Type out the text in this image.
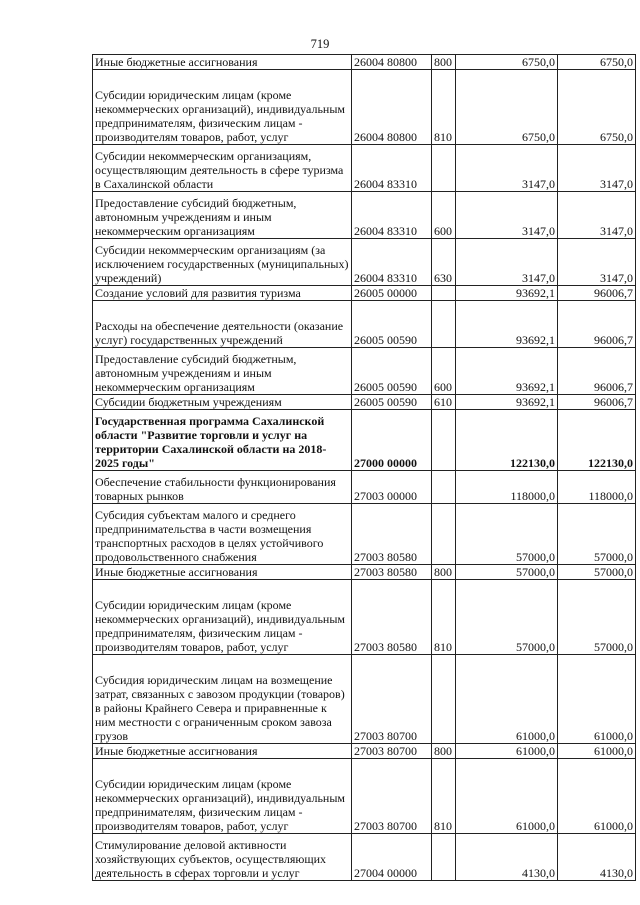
719
Иные бюджетные ассигнования	26004 80800	800	6750,0	6750,0
Субсидии юридическим лицам (кроме некоммерческих организаций), индивидуальным предпринимателям, физическим лицам - производителям товаров, работ, услуг	26004 80800	810	6750,0	6750,0
Субсидии некоммерческим организациям, осуществляющим деятельность в сфере туризма в Сахалинской области	26004 83310		3147,0	3147,0
Предоставление субсидий бюджетным, автономным учреждениям и иным некоммерческим организациям	26004 83310	600	3147,0	3147,0
Субсидии некоммерческим организациям (за исключением государственных (муниципальных) учреждений)	26004 83310	630	3147,0	3147,0
Создание условий для развития туризма	26005 00000		93692,1	96006,7
Расходы на обеспечение деятельности (оказание услуг) государственных учреждений	26005 00590		93692,1	96006,7
Предоставление субсидий бюджетным, автономным учреждениям и иным некоммерческим организациям	26005 00590	600	93692,1	96006,7
Субсидии бюджетным учреждениям	26005 00590	610	93692,1	96006,7
Государственная программа Сахалинской области "Развитие торговли и услуг на территории Сахалинской области на 2018-2025 годы"	27000 00000		122130,0	122130,0
Обеспечение стабильности функционирования товарных рынков	27003 00000		118000,0	118000,0
Субсидия субъектам малого и среднего предпринимательства в части возмещения транспортных расходов в целях устойчивого продовольственного снабжения	27003 80580		57000,0	57000,0
Иные бюджетные ассигнования	27003 80580	800	57000,0	57000,0
Субсидии юридическим лицам (кроме некоммерческих организаций), индивидуальным предпринимателям, физическим лицам - производителям товаров, работ, услуг	27003 80580	810	57000,0	57000,0
Субсидия юридическим лицам на возмещение затрат, связанных с завозом продукции (товаров) в районы Крайнего Севера и приравненные к ним местности с ограниченным сроком завоза грузов	27003 80700		61000,0	61000,0
Иные бюджетные ассигнования	27003 80700	800	61000,0	61000,0
Субсидии юридическим лицам (кроме некоммерческих организаций), индивидуальным предпринимателям, физическим лицам - производителям товаров, работ, услуг	27003 80700	810	61000,0	61000,0
Стимулирование деловой активности хозяйствующих субъектов, осуществляющих деятельность в сферах торговли и услуг	27004 00000		4130,0	4130,0
